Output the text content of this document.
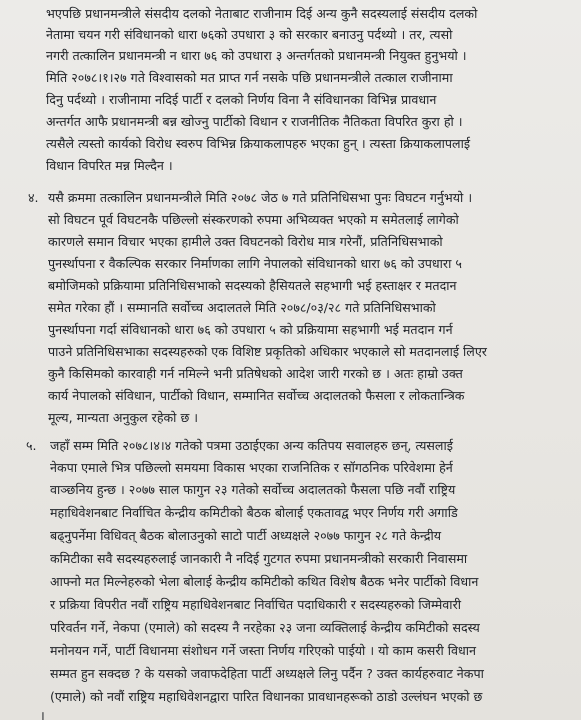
भएपछि प्रधानमन्त्रीले संसदीय दलको नेताबाट राजीनाम दिई अन्य कुनै सदस्यलाई संसदीय दलको
नेतामा चयन गरी संविधानको धारा ७६को उपधारा ३ को सरकार बनाउनु पर्दथ्यो । तर, त्यसो
नगरी तत्कालिन प्रधानमन्त्री न धारा ७६ को उपधारा ३ अन्तर्गतको प्रधानमन्त्री नियुक्त हुनुभयो ।
मिति २०७८।१।२७ गते विश्वासको मत प्राप्त गर्न नसके पछि प्रधानमन्त्रीले तत्काल राजीनामा
दिनु पर्दथ्यो । राजीनामा नदिई पार्टी र दलको निर्णय विना नै संविधानका विभिन्न प्रावधान
अन्तर्गत आफै प्रधानमन्त्री बन्न खोज्नु पार्टीको विधान र राजनीतिक नैतिकता विपरित कुरा हो ।
त्यसैले त्यस्तो कार्यको विरोध स्वरुप विभिन्न क्रियाकलापहरु भएका हुन् । त्यस्ता क्रियाकलापलाई
विधान विपरित मन्न मिल्दैन ।
४. यसै क्रममा तत्कालिन प्रधानमन्त्रीले मिति २०७८ जेठ ७ गते प्रतिनिधिसभा पुनः विघटन गर्नुभयो ।
सो विघटन पूर्व विघटनकै पछिल्लो संस्करणको रुपमा अभिव्यक्त भएको म समेतलाई लागेको
कारणले समान विचार भएका हामीले उक्त विघटनको विरोध मात्र गरेनौं, प्रतिनिधिसभाको
पुनर्स्थापना र वैकल्पिक सरकार निर्माणका लागि नेपालको संविधानको धारा ७६ को उपधारा ५
बमोजिमको प्रक्रियामा प्रतिनिधिसभाको सदस्यको हैसियतले सहभागी भई हस्ताक्षर र मतदान
समेत गरेका हौं । सम्मानति सर्वोच्च अदालतले मिति २०७८/०३/२८ गते प्रतिनिधिसभाको
पुनर्स्थापना गर्दा संविधानको धारा ७६ को उपधारा ५ को प्रक्रियामा सहभागी भई मतदान गर्न
पाउने प्रतिनिधिसभाका सदस्यहरुको एक विशिष्ट प्रकृतिको अधिकार भएकाले सो मतदानलाई लिएर
कुनै किसिमको कारवाही गर्न नमिल्ने भनी प्रतिषेधको आदेश जारी गरको छ । अतः हाम्रो उक्त
कार्य नेपालको संविधान, पार्टीको विधान, सम्मानित सर्वोच्च अदालतको फैसला र लोकतान्त्रिक
मूल्य, मान्यता अनुकुल रहेको छ ।
५. जहाँ सम्म मिति २०७८।४।४ गतेको पत्रमा उठाईएका अन्य कतिपय सवालहरु छन्, त्यसलाई
नेकपा एमाले भित्र पछिल्लो समयमा विकास भएका राजनितिक र सॉगठनिक परिवेशमा हेर्न
वाञ्छनिय हुन्छ । २०७७ साल फागुन २३ गतेको सर्वोच्च अदालतको फैसला पछि नवौं राष्ट्रिय
महाधिवेशनबाट निर्वाचित केन्द्रीय कमिटीको बैठक बोलाई एकतावद्व भएर निर्णय गरी अगाडि
बढ्नुपर्नेमा विधिवत् बैठक बोलाउनुको साटो पार्टी अध्यक्षले २०७७ फागुन २८ गते केन्द्रीय
कमिटीका सवै सदस्यहरुलाई जानकारी नै नदिई गुटगत रुपमा प्रधानमन्त्रीको सरकारी निवासमा
आफ्नो मत मिल्नेहरुको भेला बोलाई केन्द्रीय कमिटीको कथित विशेष बैठक भनेर पार्टीको विधान
र प्रक्रिया विपरीत नवौं राष्ट्रिय महाधिवेशनबाट निर्वाचित पदाधिकारी र सदस्यहरुको जिम्मेवारी
परिवर्तन गर्ने, नेकपा (एमाले) को सदस्य नै नरहेका २३ जना व्यक्तिलाई केन्द्रीय कमिटीको सदस्य
मनोनयन गर्ने, पार्टी विधानमा संशोधन गर्ने जस्ता निर्णय गरिएको पाईयो । यो काम कसरी विधान
सम्मत हुन सक्दछ ? के यसको जवाफदेहिता पार्टी अध्यक्षले लिनु पर्दैन ? उक्त कार्यहरुवाट नेकपा
(एमाले) को नवौं राष्ट्रिय महाधिवेशनद्वारा पारित विधानका प्रावधानहरूको ठाडो उल्लंघन भएको छ
।
